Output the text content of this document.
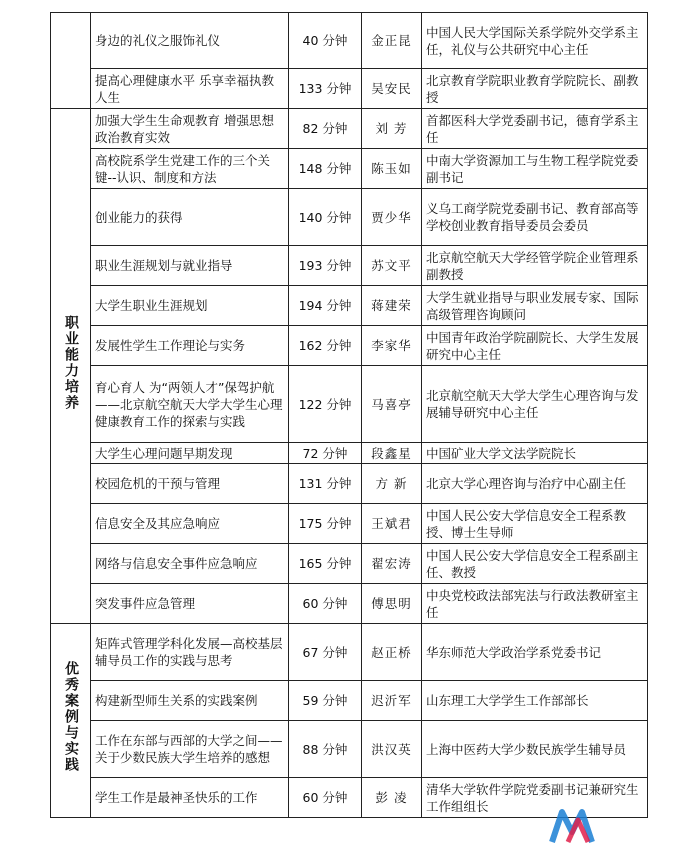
	身边的礼仪之服饰礼仪	40 分钟	金正昆	中国人民大学国际关系学院外交学系主任，礼仪与公共研究中心主任
	提高心理健康水平 乐享幸福执教人生	133 分钟	吴安民	北京教育学院职业教育学院院长、副教授
职业能力培养	加强大学生生命观教育 增强思想政治教育实效	82 分钟	刘 芳	首都医科大学党委副书记，德育学系主任
	高校院系学生党建工作的三个关键--认识、制度和方法	148 分钟	陈玉如	中南大学资源加工与生物工程学院党委副书记
	创业能力的获得	140 分钟	贾少华	义乌工商学院党委副书记、教育部高等学校创业教育指导委员会委员
	职业生涯规划与就业指导	193 分钟	苏文平	北京航空航天大学经管学院企业管理系副教授
	大学生职业生涯规划	194 分钟	蒋建荣	大学生就业指导与职业发展专家、国际高级管理咨询顾问
	发展性学生工作理论与实务	162 分钟	李家华	中国青年政治学院副院长、大学生发展研究中心主任
	育心育人 为“两领人才”保驾护航——北京航空航天大学大学生心理健康教育工作的探索与实践	122 分钟	马喜亭	北京航空航天大学大学生心理咨询与发展辅导研究中心主任
	大学生心理问题早期发现	72 分钟	段鑫星	中国矿业大学文法学院院长
	校园危机的干预与管理	131 分钟	方 新	北京大学心理咨询与治疗中心副主任
	信息安全及其应急响应	175 分钟	王斌君	中国人民公安大学信息安全工程系教授、博士生导师
	网络与信息安全事件应急响应	165 分钟	翟宏涛	中国人民公安大学信息安全工程系副主任、教授
	突发事件应急管理	60 分钟	傅思明	中央党校政法部宪法与行政法教研室主任
优秀案例与实践	矩阵式管理学科化发展—高校基层辅导员工作的实践与思考	67 分钟	赵正桥	华东师范大学政治学系党委书记
	构建新型师生关系的实践案例	59 分钟	迟沂军	山东理工大学学生工作部部长
	工作在东部与西部的大学之间——关于少数民族大学生培养的感想	88 分钟	洪汉英	上海中医药大学少数民族学生辅导员
	学生工作是最神圣快乐的工作	60 分钟	彭 凌	清华大学软件学院党委副书记兼研究生工作组组长
